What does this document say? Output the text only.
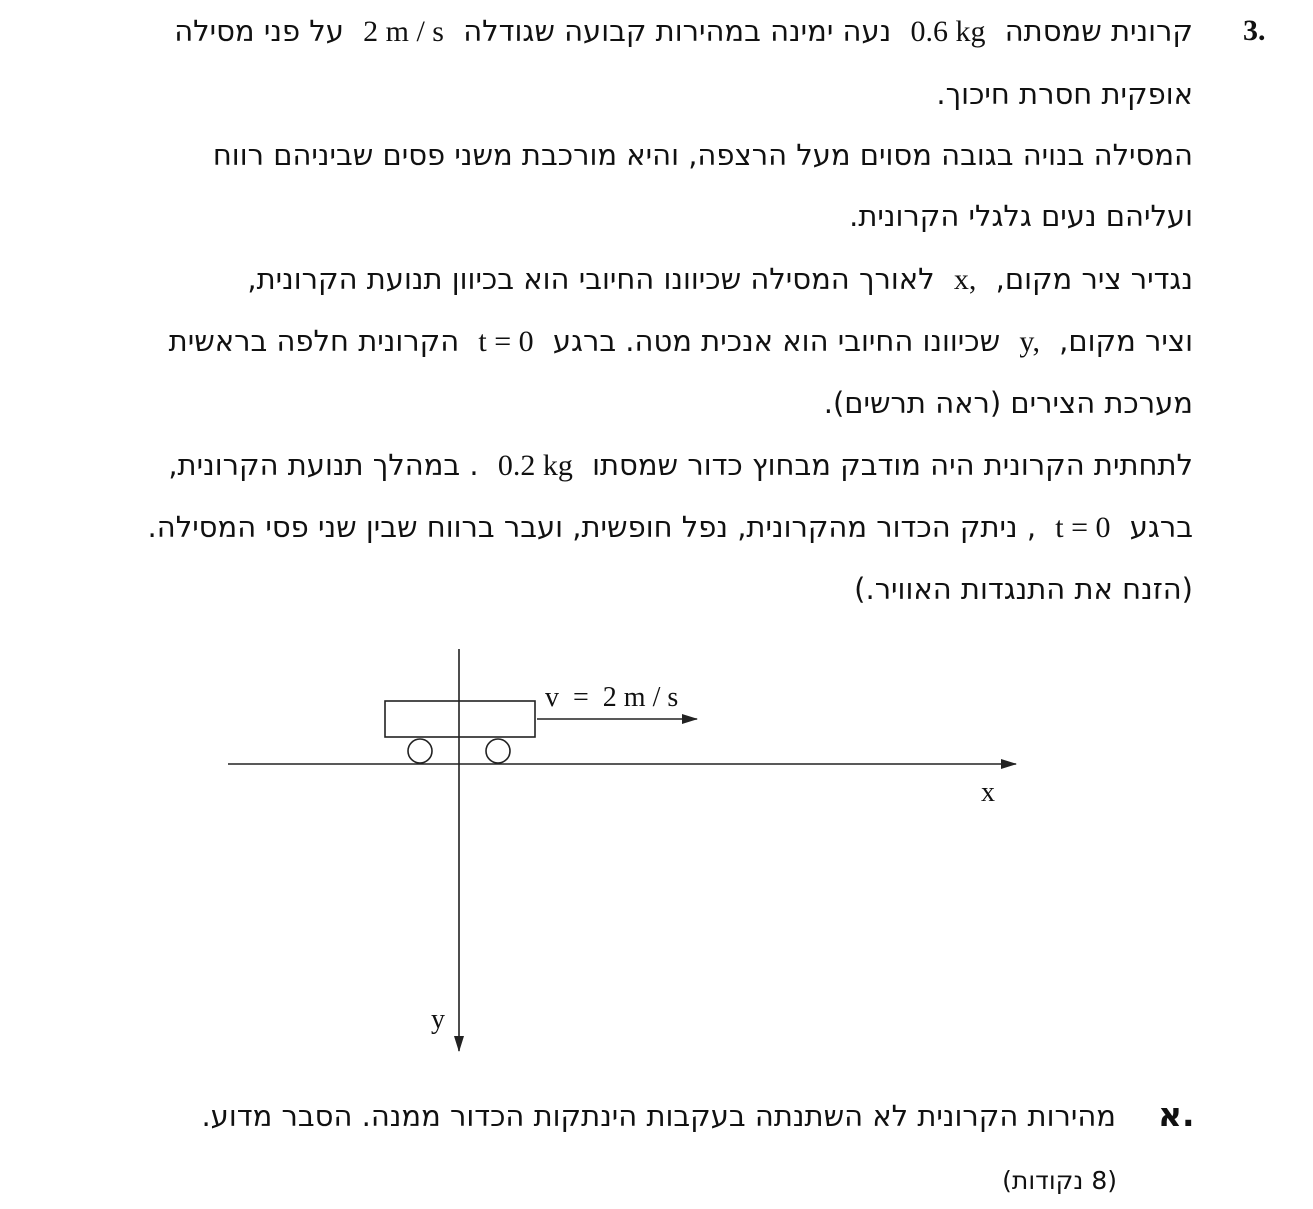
3.
קרונית שמסתה 0.6 kg נעה ימינה במהירות קבועה שגודלה 2 m / s על פני מסילה
אופקית חסרת חיכוך.
המסילה בנויה בגובה מסוים מעל הרצפה, והיא מורכבת משני פסים שביניהם רווח
ועליהם נעים גלגלי הקרונית.
נגדיר ציר מקום, x, לאורך המסילה שכיוונו החיובי הוא בכיוון תנועת הקרונית,
וציר מקום, y, שכיוונו החיובי הוא אנכית מטה. ברגע t = 0 הקרונית חלפה בראשית
מערכת הצירים (ראה תרשים).
לתחתית הקרונית היה מודבק מבחוץ כדור שמסתו 0.2 kg . במהלך תנועת הקרונית,
ברגע t = 0 , ניתק הכדור מהקרונית, נפל חופשית, ועבר ברווח שבין שני פסי המסילה.
(הזנח את התנגדות האוויר.)
v  =  2 m / s
x
y
א.
מהירות הקרונית לא השתנתה בעקבות הינתקות הכדור ממנה. הסבר מדוע.
(8 נקודות)
